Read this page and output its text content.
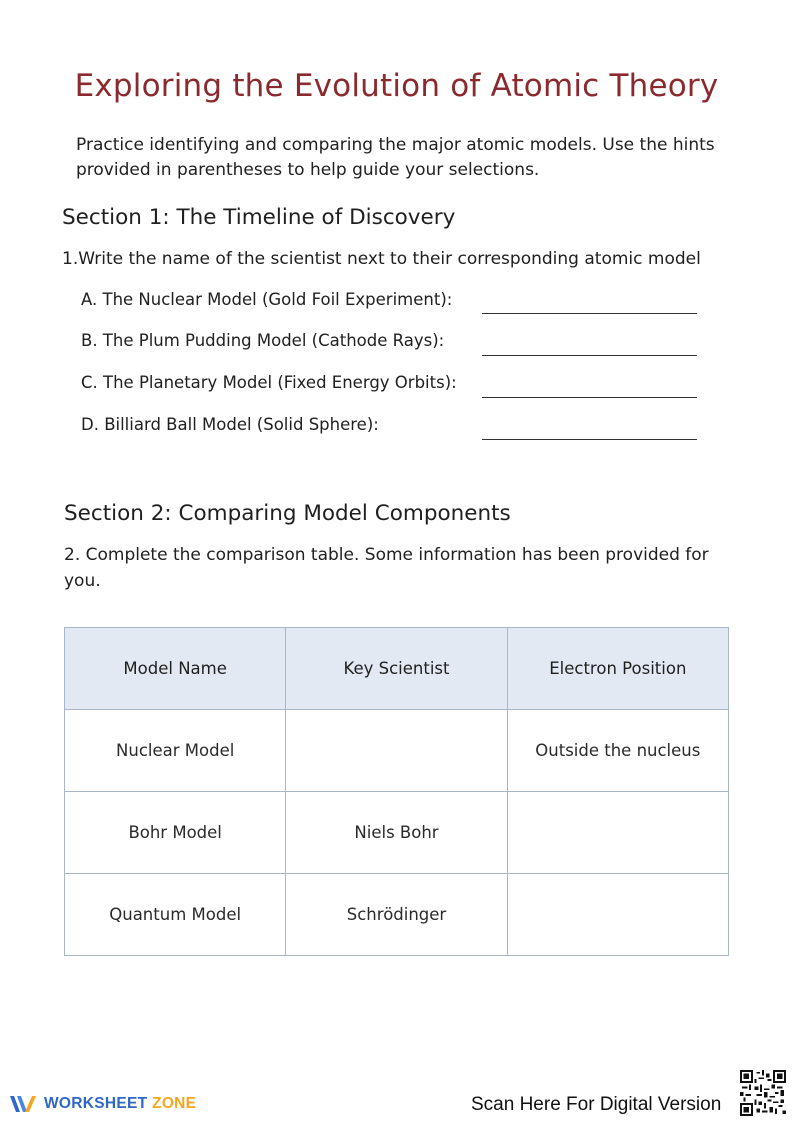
Exploring the Evolution of Atomic Theory
Practice identifying and comparing the major atomic models. Use the hints provided in parentheses to help guide your selections.
Section 1: The Timeline of Discovery
1.Write the name of the scientist next to their corresponding atomic model
A. The Nuclear Model (Gold Foil Experiment):
B. The Plum Pudding Model (Cathode Rays):
C. The Planetary Model (Fixed Energy Orbits):
D. Billiard Ball Model (Solid Sphere):
Section 2: Comparing Model Components
2. Complete the comparison table. Some information has been provided for you.
Model Name	Key Scientist	Electron Position
Nuclear Model		Outside the nucleus
Bohr Model	Niels Bohr	
Quantum Model	Schrödinger	
WORKSHEET ZONE	Scan Here For Digital Version
